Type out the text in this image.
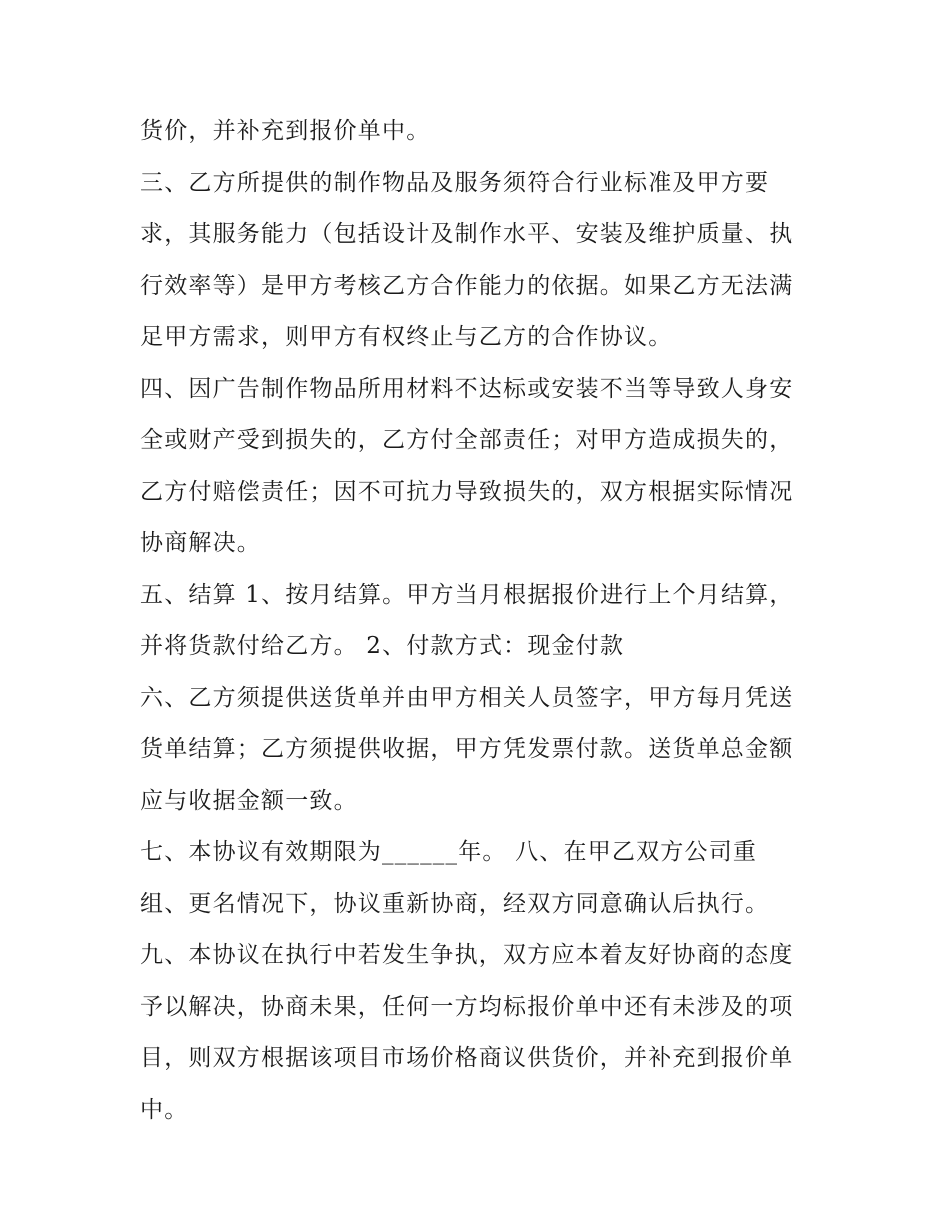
货价，并补充到报价单中。
三、乙方所提供的制作物品及服务须符合行业标准及甲方要
求，其服务能力（包括设计及制作水平、安装及维护质量、执
行效率等）是甲方考核乙方合作能力的依据。如果乙方无法满
足甲方需求，则甲方有权终止与乙方的合作协议。
四、因广告制作物品所用材料不达标或安装不当等导致人身安
全或财产受到损失的，乙方付全部责任；对甲方造成损失的，
乙方付赔偿责任；因不可抗力导致损失的，双方根据实际情况
协商解决。
五、结算 1、按月结算。甲方当月根据报价进行上个月结算，
并将货款付给乙方。 2、付款方式：现金付款
六、乙方须提供送货单并由甲方相关人员签字，甲方每月凭送
货单结算；乙方须提供收据，甲方凭发票付款。送货单总金额
应与收据金额一致。
七、本协议有效期限为______年。 八、在甲乙双方公司重
组、更名情况下，协议重新协商，经双方同意确认后执行。
九、本协议在执行中若发生争执，双方应本着友好协商的态度
予以解决，协商未果，任何一方均标报价单中还有未涉及的项
目，则双方根据该项目市场价格商议供货价，并补充到报价单
中。
